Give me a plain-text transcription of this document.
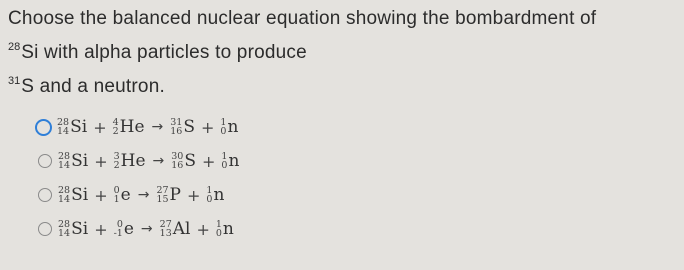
Choose the balanced nuclear equation showing the bombardment of
$^{28}$Si with alpha particles to produce
$^{31}$S and a neutron.
28
14 Si + 4
2 He → 31
16 S + 1
0 n
28
14 Si + 3
2 He → 30
16 S + 1
0 n
28
14 Si + 0
1 e → 27
15 P + 1
0 n
28
14 Si + 0
-1 e → 27
13 Al + 1
0 n
